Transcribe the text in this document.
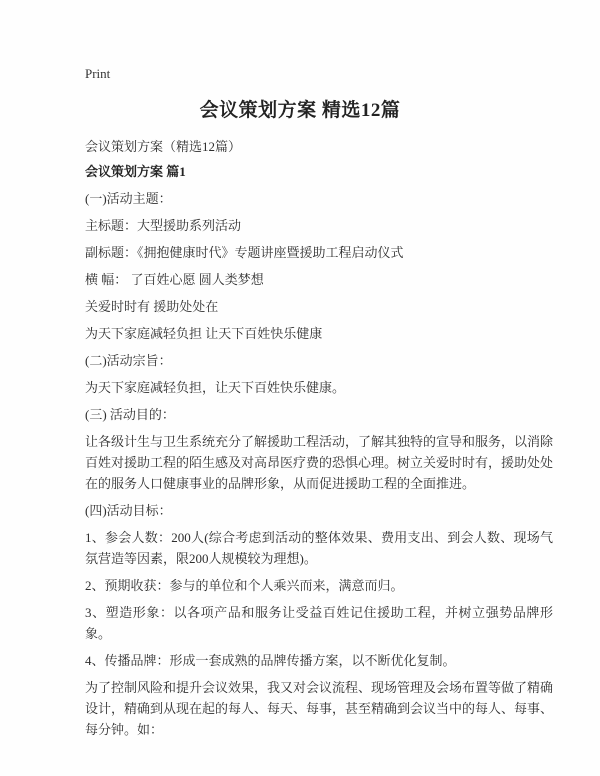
Print
会议策划方案 精选12篇

会议策划方案（精选12篇）

会议策划方案 篇1

(一)活动主题：

主标题：大型援助系列活动

副标题：《拥抱健康时代》专题讲座暨援助工程启动仪式

横 幅： 了百姓心愿 圆人类梦想

关爱时时有 援助处处在

为天下家庭减轻负担 让天下百姓快乐健康

(二)活动宗旨：

为天下家庭减轻负担，让天下百姓快乐健康。

(三) 活动目的：

让各级计生与卫生系统充分了解援助工程活动，了解其独特的宣导和服务，以消除百姓对援助工程的陌生感及对高昂医疗费的恐惧心理。树立关爱时时有，援助处处在的服务人口健康事业的品牌形象，从而促进援助工程的全面推进。

(四)活动目标：

1、参会人数：200人(综合考虑到活动的整体效果、费用支出、到会人数、现场气氛营造等因素，限200人规模较为理想)。

2、预期收获：参与的单位和个人乘兴而来，满意而归。

3、塑造形象：以各项产品和服务让受益百姓记住援助工程，并树立强势品牌形象。

4、传播品牌：形成一套成熟的品牌传播方案，以不断优化复制。

为了控制风险和提升会议效果，我又对会议流程、现场管理及会场布置等做了精确设计，精确到从现在起的每人、每天、每事，甚至精确到会议当中的每人、每事、每分钟。如：
